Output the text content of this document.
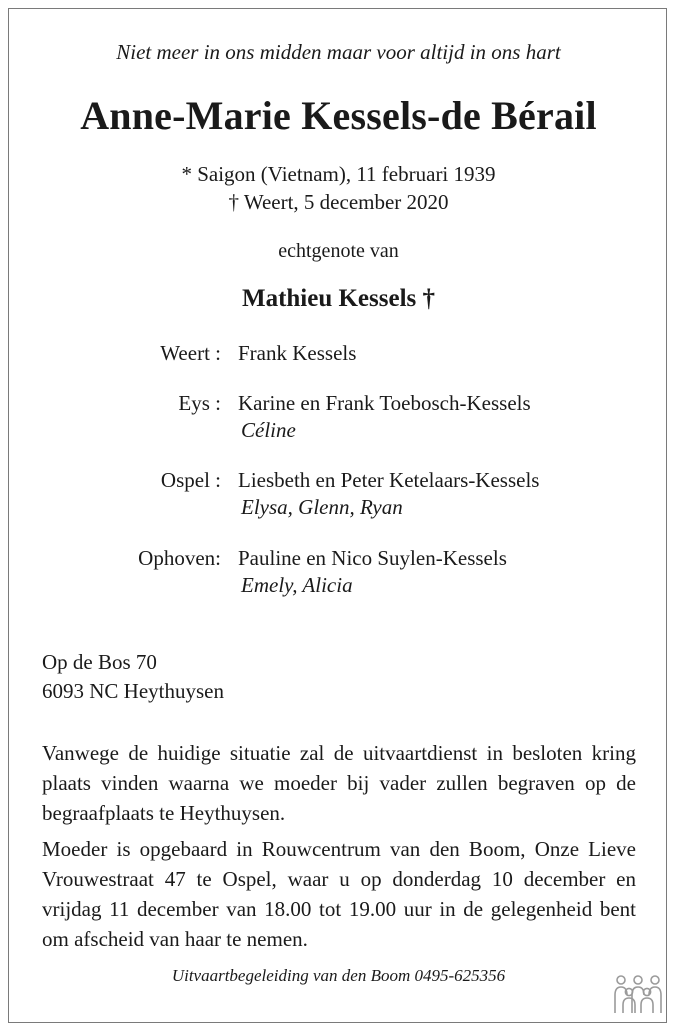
Niet meer in ons midden maar voor altijd in ons hart
Anne-Marie Kessels-de Bérail
* Saigon (Vietnam), 11 februari 1939
† Weert, 5 december 2020
echtgenote van
Mathieu Kessels †
Weert : Frank Kessels
Eys : Karine en Frank Toebosch-Kessels
Céline
Ospel : Liesbeth en Peter Ketelaars-Kessels
Elysa, Glenn, Ryan
Ophoven: Pauline en Nico Suylen-Kessels
Emely, Alicia
Op de Bos 70
6093 NC Heythuysen
Vanwege de huidige situatie zal de uitvaartdienst in besloten kring plaats vinden waarna we moeder bij vader zullen begraven op de begraafplaats te Heythuysen.
Moeder is opgebaard in Rouwcentrum van den Boom, Onze Lieve Vrouwestraat 47 te Ospel, waar u op donderdag 10 december en vrijdag 11 december van 18.00 tot 19.00 uur in de gelegenheid bent om afscheid van haar te nemen.
Uitvaartbegeleiding van den Boom 0495-625356
